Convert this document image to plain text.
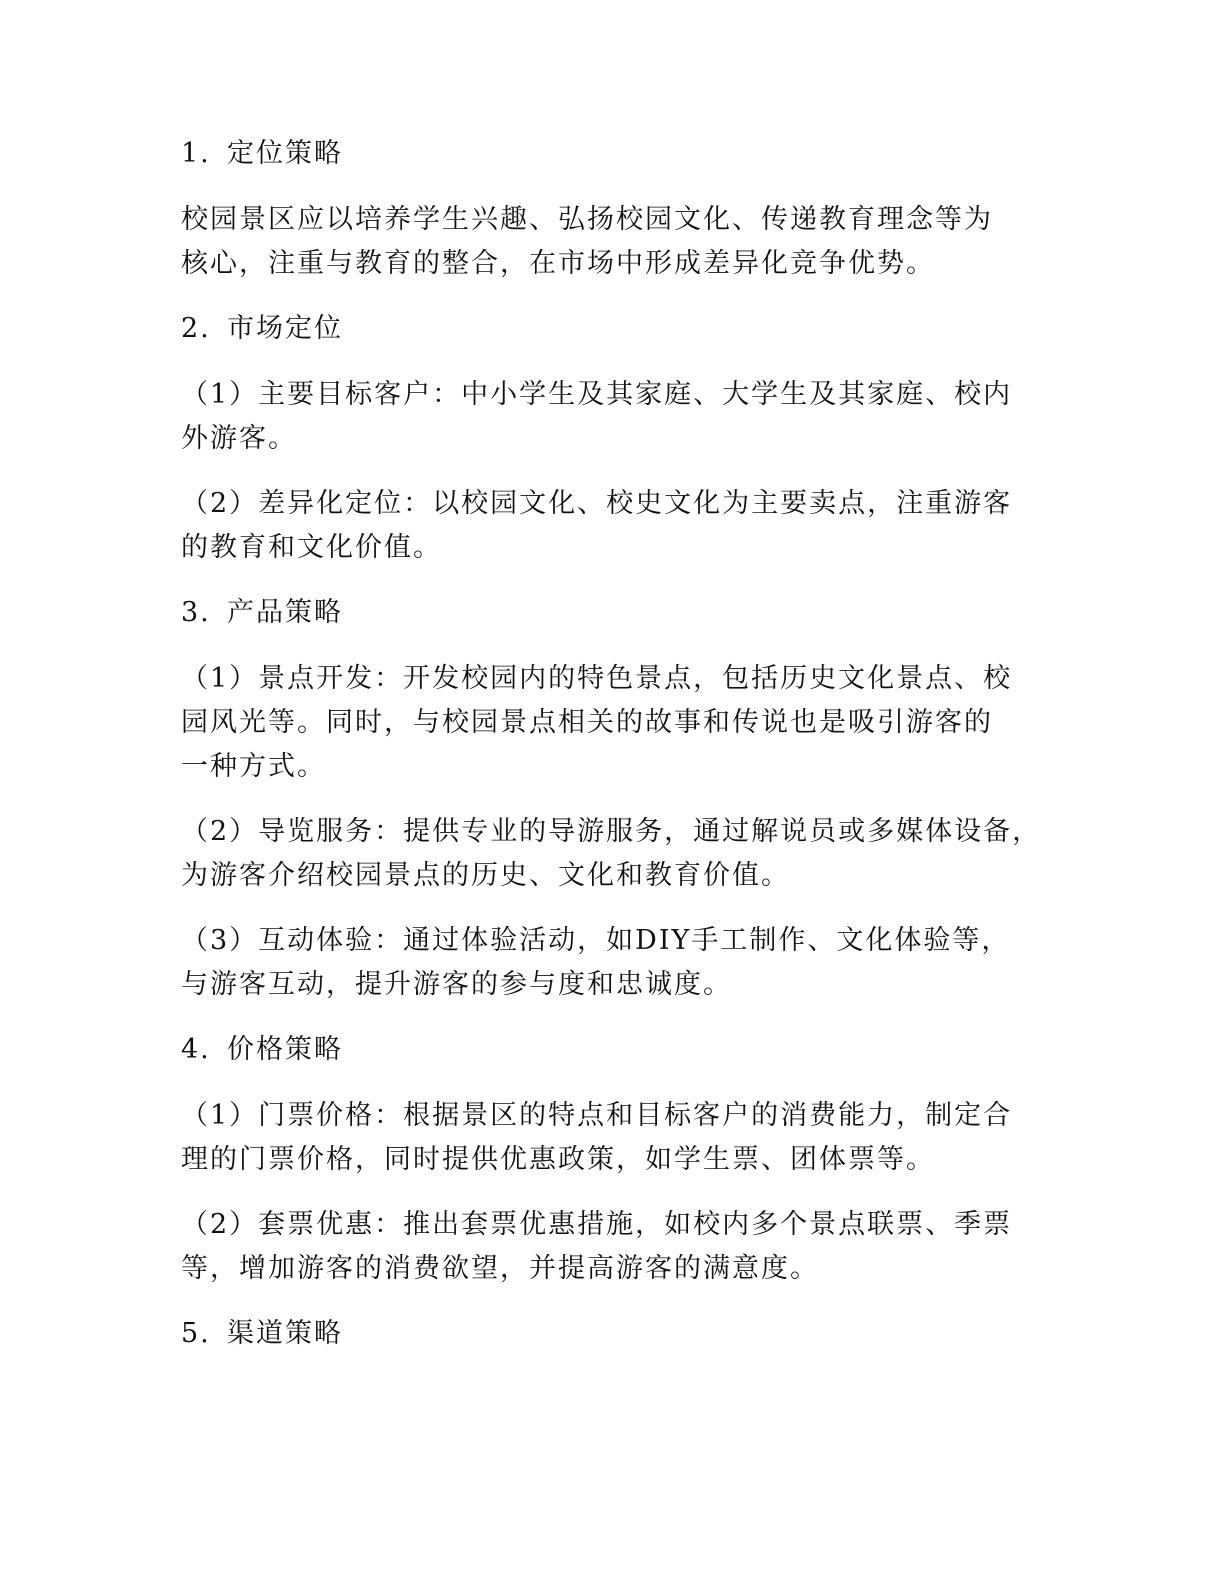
1. 定位策略
校园景区应以培养学生兴趣、弘扬校园文化、传递教育理念等为
核心，注重与教育的整合，在市场中形成差异化竞争优势。
2. 市场定位
（1）主要目标客户：中小学生及其家庭、大学生及其家庭、校内
外游客。
（2）差异化定位：以校园文化、校史文化为主要卖点，注重游客
的教育和文化价值。
3. 产品策略
（1）景点开发：开发校园内的特色景点，包括历史文化景点、校
园风光等。同时，与校园景点相关的故事和传说也是吸引游客的
一种方式。
（2）导览服务：提供专业的导游服务，通过解说员或多媒体设备，
为游客介绍校园景点的历史、文化和教育价值。
（3）互动体验：通过体验活动，如DIY手工制作、文化体验等，
与游客互动，提升游客的参与度和忠诚度。
4. 价格策略
（1）门票价格：根据景区的特点和目标客户的消费能力，制定合
理的门票价格，同时提供优惠政策，如学生票、团体票等。
（2）套票优惠：推出套票优惠措施，如校内多个景点联票、季票
等，增加游客的消费欲望，并提高游客的满意度。
5. 渠道策略
